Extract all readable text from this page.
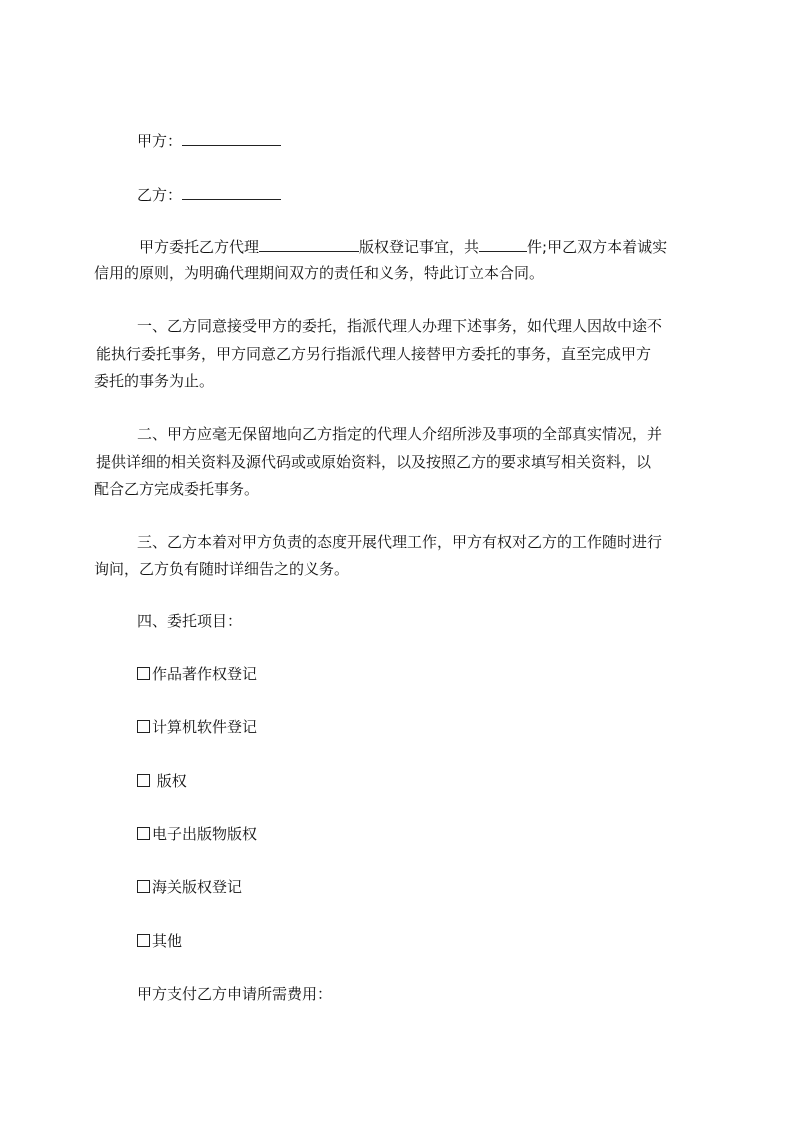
甲方：
乙方：
甲方委托乙方代理	版权登记事宜，共	件;甲乙双方本着诚实
信用的原则，为明确代理期间双方的责任和义务，特此订立本合同。
一、乙方同意接受甲方的委托，指派代理人办理下述事务，如代理人因故中途不
能执行委托事务，甲方同意乙方另行指派代理人接替甲方委托的事务，直至完成甲方
委托的事务为止。
二、甲方应毫无保留地向乙方指定的代理人介绍所涉及事项的全部真实情况，并
提供详细的相关资料及源代码或或原始资料，以及按照乙方的要求填写相关资料，以
配合乙方完成委托事务。
三、乙方本着对甲方负责的态度开展代理工作，甲方有权对乙方的工作随时进行
询问，乙方负有随时详细告之的义务。
四、委托项目：
作品著作权登记
计算机软件登记
版权
电子出版物版权
海关版权登记
其他
甲方支付乙方申请所需费用：
